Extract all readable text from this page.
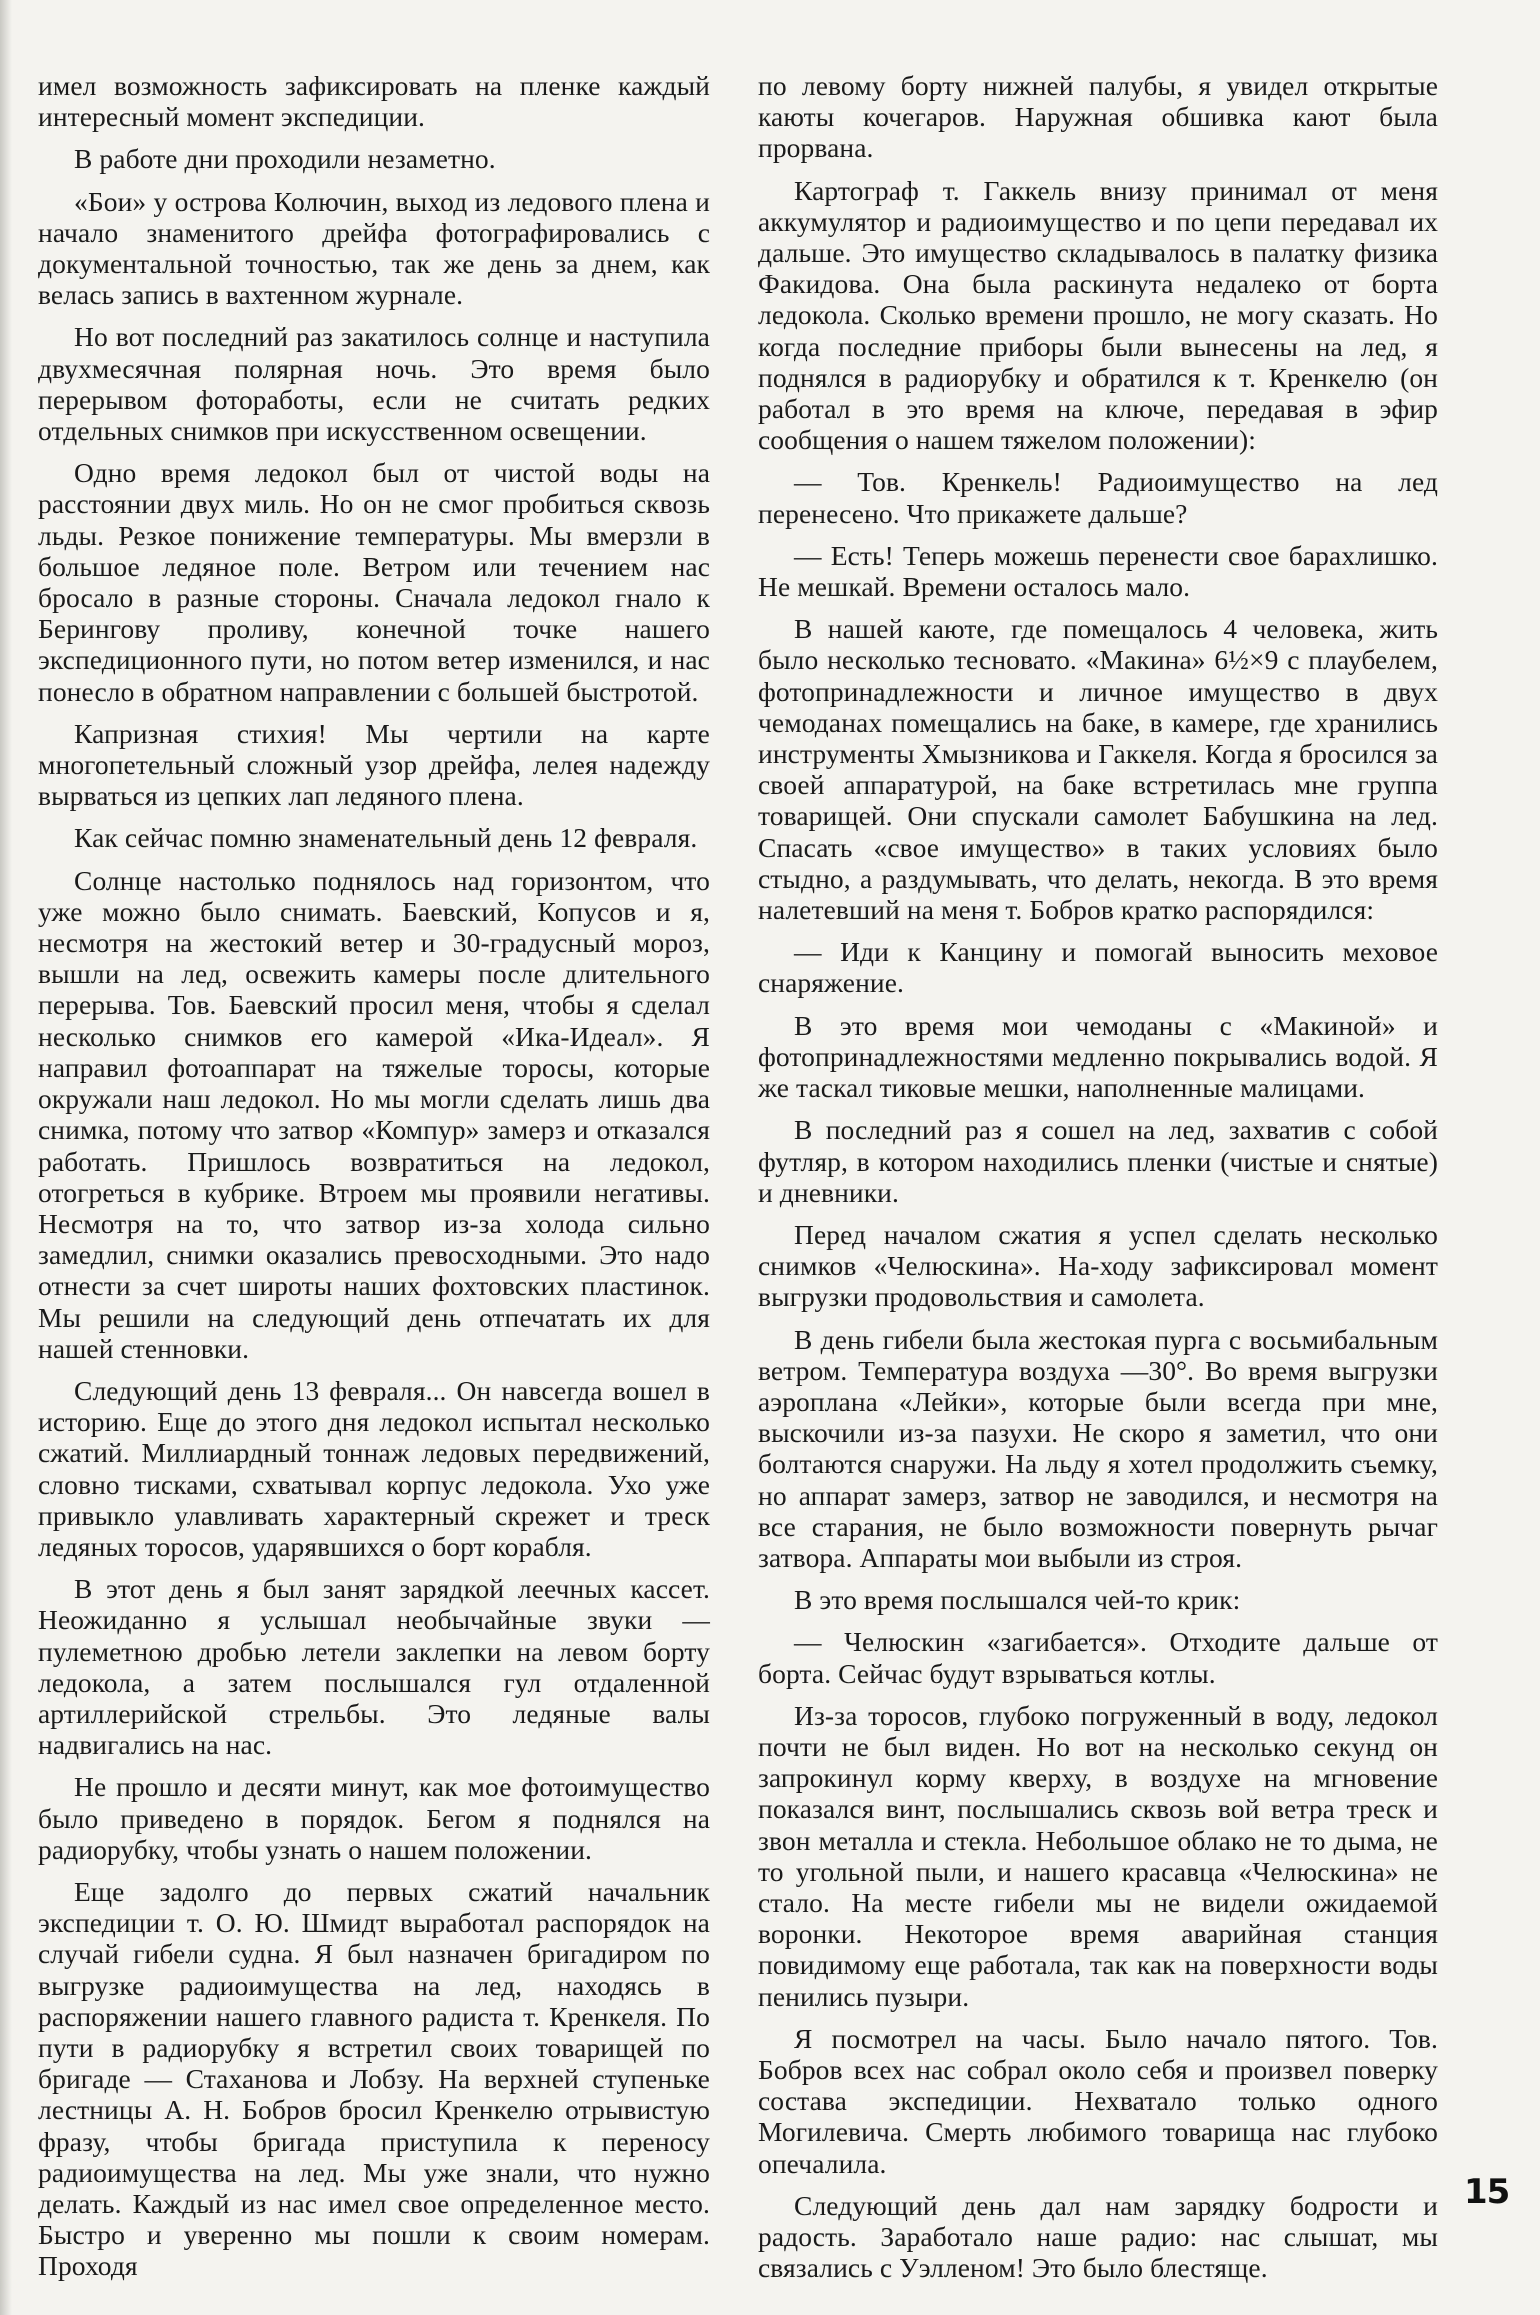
имел возможность зафиксировать на пленке каждый интересный момент экспедиции.

В работе дни проходили незаметно.

«Бои» у острова Колючин, выход из ледового плена и начало знаменитого дрейфа фотографировались с документальной точностью, так же день за днем, как велась запись в вахтенном журнале.

Но вот последний раз закатилось солнце и наступила двухмесячная полярная ночь. Это время было перерывом фотоработы, если не считать редких отдельных снимков при искусственном освещении.

Одно время ледокол был от чистой воды на расстоянии двух миль. Но он не смог пробиться сквозь льды. Резкое понижение температуры. Мы вмерзли в большое ледяное поле. Ветром или течением нас бросало в разные стороны. Сначала ледокол гнало к Берингову проливу, конечной точке нашего экспедиционного пути, но потом ветер изменился, и нас понесло в обратном направлении с большей быстротой.

Капризная стихия! Мы чертили на карте многопетельный сложный узор дрейфа, лелея надежду вырваться из цепких лап ледяного плена.

Как сейчас помню знаменательный день 12 февраля.

Солнце настолько поднялось над горизонтом, что уже можно было снимать. Баевский, Копусов и я, несмотря на жестокий ветер и 30-градусный мороз, вышли на лед, освежить камеры после длительного перерыва. Тов. Баевский просил меня, чтобы я сделал несколько снимков его камерой «Ика-Идеал». Я направил фотоаппарат на тяжелые торосы, которые окружали наш ледокол. Но мы могли сделать лишь два снимка, потому что затвор «Компур» замерз и отказался работать. Пришлось возвратиться на ледокол, отогреться в кубрике. Втроем мы проявили негативы. Несмотря на то, что затвор из-за холода сильно замедлил, снимки оказались превосходными. Это надо отнести за счет широты наших фохтовских пластинок. Мы решили на следующий день отпечатать их для нашей стенновки.

Следующий день 13 февраля... Он навсегда вошел в историю. Еще до этого дня ледокол испытал несколько сжатий. Миллиардный тоннаж ледовых передвижений, словно тисками, схватывал корпус ледокола. Ухо уже привыкло улавливать характерный скрежет и треск ледяных торосов, ударявшихся о борт корабля.

В этот день я был занят зарядкой леечных кассет. Неожиданно я услышал необычайные звуки — пулеметною дробью летели заклепки на левом борту ледокола, а затем послышался гул отдаленной артиллерийской стрельбы. Это ледяные валы надвигались на нас.

Не прошло и десяти минут, как мое фотоимущество было приведено в порядок. Бегом я поднялся на радиорубку, чтобы узнать о нашем положении.

Еще задолго до первых сжатий начальник экспедиции т. О. Ю. Шмидт выработал распорядок на случай гибели судна. Я был назначен бригадиром по выгрузке радиоимущества на лед, находясь в распоряжении нашего главного радиста т. Кренкеля. По пути в радиорубку я встретил своих товарищей по бригаде — Стаханова и Лобзу. На верхней ступеньке лестницы А. Н. Бобров бросил Кренкелю отрывистую фразу, чтобы бригада приступила к переносу радиоимущества на лед. Мы уже знали, что нужно делать. Каждый из нас имел свое определенное место. Быстро и уверенно мы пошли к своим номерам. Проходя

по левому борту нижней палубы, я увидел открытые каюты кочегаров. Наружная обшивка кают была прорвана.

Картограф т. Гаккель внизу принимал от меня аккумулятор и радиоимущество и по цепи передавал их дальше. Это имущество складывалось в палатку физика Факидова. Она была раскинута недалеко от борта ледокола. Сколько времени прошло, не могу сказать. Но когда последние приборы были вынесены на лед, я поднялся в радиорубку и обратился к т. Кренкелю (он работал в это время на ключе, передавая в эфир сообщения о нашем тяжелом положении):

— Тов. Кренкель! Радиоимущество на лед перенесено. Что прикажете дальше?

— Есть! Теперь можешь перенести свое барахлишко. Не мешкай. Времени осталось мало.

В нашей каюте, где помещалось 4 человека, жить было несколько тесновато. «Макина» 6½×9 с плаубелем, фотопринадлежности и личное имущество в двух чемоданах помещались на баке, в камере, где хранились инструменты Хмызникова и Гаккеля. Когда я бросился за своей аппаратурой, на баке встретилась мне группа товарищей. Они спускали самолет Бабушкина на лед. Спасать «свое имущество» в таких условиях было стыдно, а раздумывать, что делать, некогда. В это время налетевший на меня т. Бобров кратко распорядился:

— Иди к Канцину и помогай выносить меховое снаряжение.

В это время мои чемоданы с «Макиной» и фотопринадлежностями медленно покрывались водой. Я же таскал тиковые мешки, наполненные малицами.

В последний раз я сошел на лед, захватив с собой футляр, в котором находились пленки (чистые и снятые) и дневники.

Перед началом сжатия я успел сделать несколько снимков «Челюскина». На-ходу зафиксировал момент выгрузки продовольствия и самолета.

В день гибели была жестокая пурга с восьмибальным ветром. Температура воздуха —30°. Во время выгрузки аэроплана «Лейки», которые были всегда при мне, выскочили из-за пазухи. Не скоро я заметил, что они болтаются снаружи. На льду я хотел продолжить съемку, но аппарат замерз, затвор не заводился, и несмотря на все старания, не было возможности повернуть рычаг затвора. Аппараты мои выбыли из строя.

В это время послышался чей-то крик:

— Челюскин «загибается». Отходите дальше от борта. Сейчас будут взрываться котлы.

Из-за торосов, глубоко погруженный в воду, ледокол почти не был виден. Но вот на несколько секунд он запрокинул корму кверху, в воздухе на мгновение показался винт, послышались сквозь вой ветра треск и звон металла и стекла. Небольшое облако не то дыма, не то угольной пыли, и нашего красавца «Челюскина» не стало. На месте гибели мы не видели ожидаемой воронки. Некоторое время аварийная станция повидимому еще работала, так как на поверхности воды пенились пузыри.

Я посмотрел на часы. Было начало пятого. Тов. Бобров всех нас собрал около себя и произвел поверку состава экспедиции. Нехватало только одного Могилевича. Смерть любимого товарища нас глубоко опечалила.

Следующий день дал нам зарядку бодрости и радость. Заработало наше радио: нас слышат, мы связались с Уэлленом! Это было блестяще.

15
